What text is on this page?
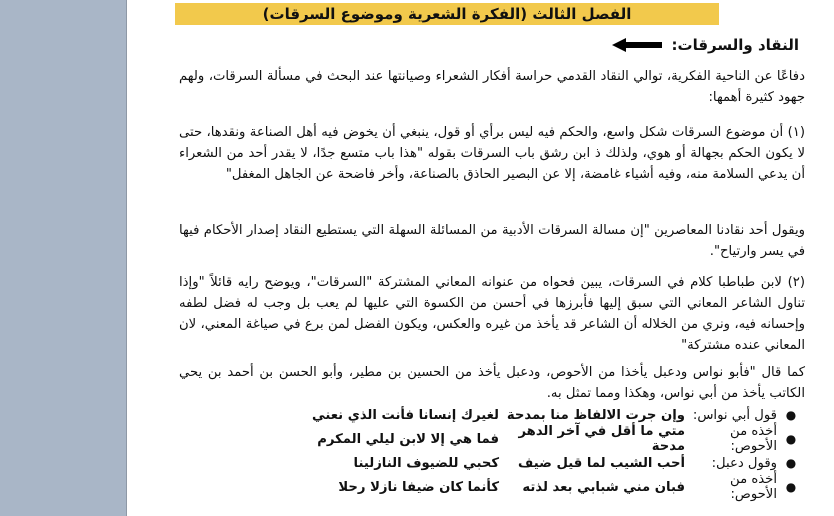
الفصل الثالث (الفكرة الشعرية وموضوع السرقات)
النقاد والسرقات:
دفاعًا عن الناحية الفكرية، توالي النقاد القدمي حراسة أفكار الشعراء وصيانتها عند البحث في مسألة السرقات، ولهم جهود كثيرة أهمها:
(١) أن موضوع السرقات شكل واسع، والحكم فيه ليس برأي أو قول، ينبغي أن يخوض فيه أهل الصناعة ونقدها، حتى لا يكون الحكم بجهالة أو هوي، ولذلك ذ ابن رشق باب السرقات بقوله "هذا باب متسع جدًا، لا يقدر أحد من الشعراء أن يدعي السلامة منه، وفيه أشياء غامضة، إلا عن البصير الحاذق بالصناعة، وأخر فاضحة عن الجاهل المغفل"
ويقول أحد نقادنا المعاصرين "إن مسالة السرقات الأدبية من المسائلة السهلة التي يستطيع النقاد إصدار الأحكام فيها في يسر وارتياح".
(٢) لابن طباطبا كلام في السرقات، يبين فحواه من عنوانه المعاني المشتركة "السرقات"، ويوضح رايه قائلاً "وإذا تناول الشاعر المعاني التي سبق إليها فأبرزها في أحسن من الكسوة التي عليها لم يعب بل وجب له فضل لطفه وإحسانه فيه، ونري من الخلاله أن الشاعر قد يأخذ من غيره والعكس، ويكون الفضل لمن برع في صياغة المعني، لان المعاني عنده مشتركة"
كما قال "فأبو نواس ودعبل يأخذا من الأحوص، ودعبل يأخذ من الحسين بن مطير، وأبو الحسن بن أحمد بن يحي الكاتب يأخذ من أبي نواس، وهكذا ومما تمثل به.
●
قول أبي نواس:
وإن جرت الالفاظ منا بمدحة
لغيرك إنسانا فأنت الذي نعني
●
أخذه من الأحوص:
متي ما أقل في آخر الدهر مدحة
فما هي إلا لابن ليلي المكرم
●
وقول دعبل:
أحب الشيب لما قيل ضيف
كحبي للضيوف النازلينا
●
أخذه من الأحوص:
فبان مني شبابي بعد لذته
كأنما كان ضيفا نازلا رحلا
